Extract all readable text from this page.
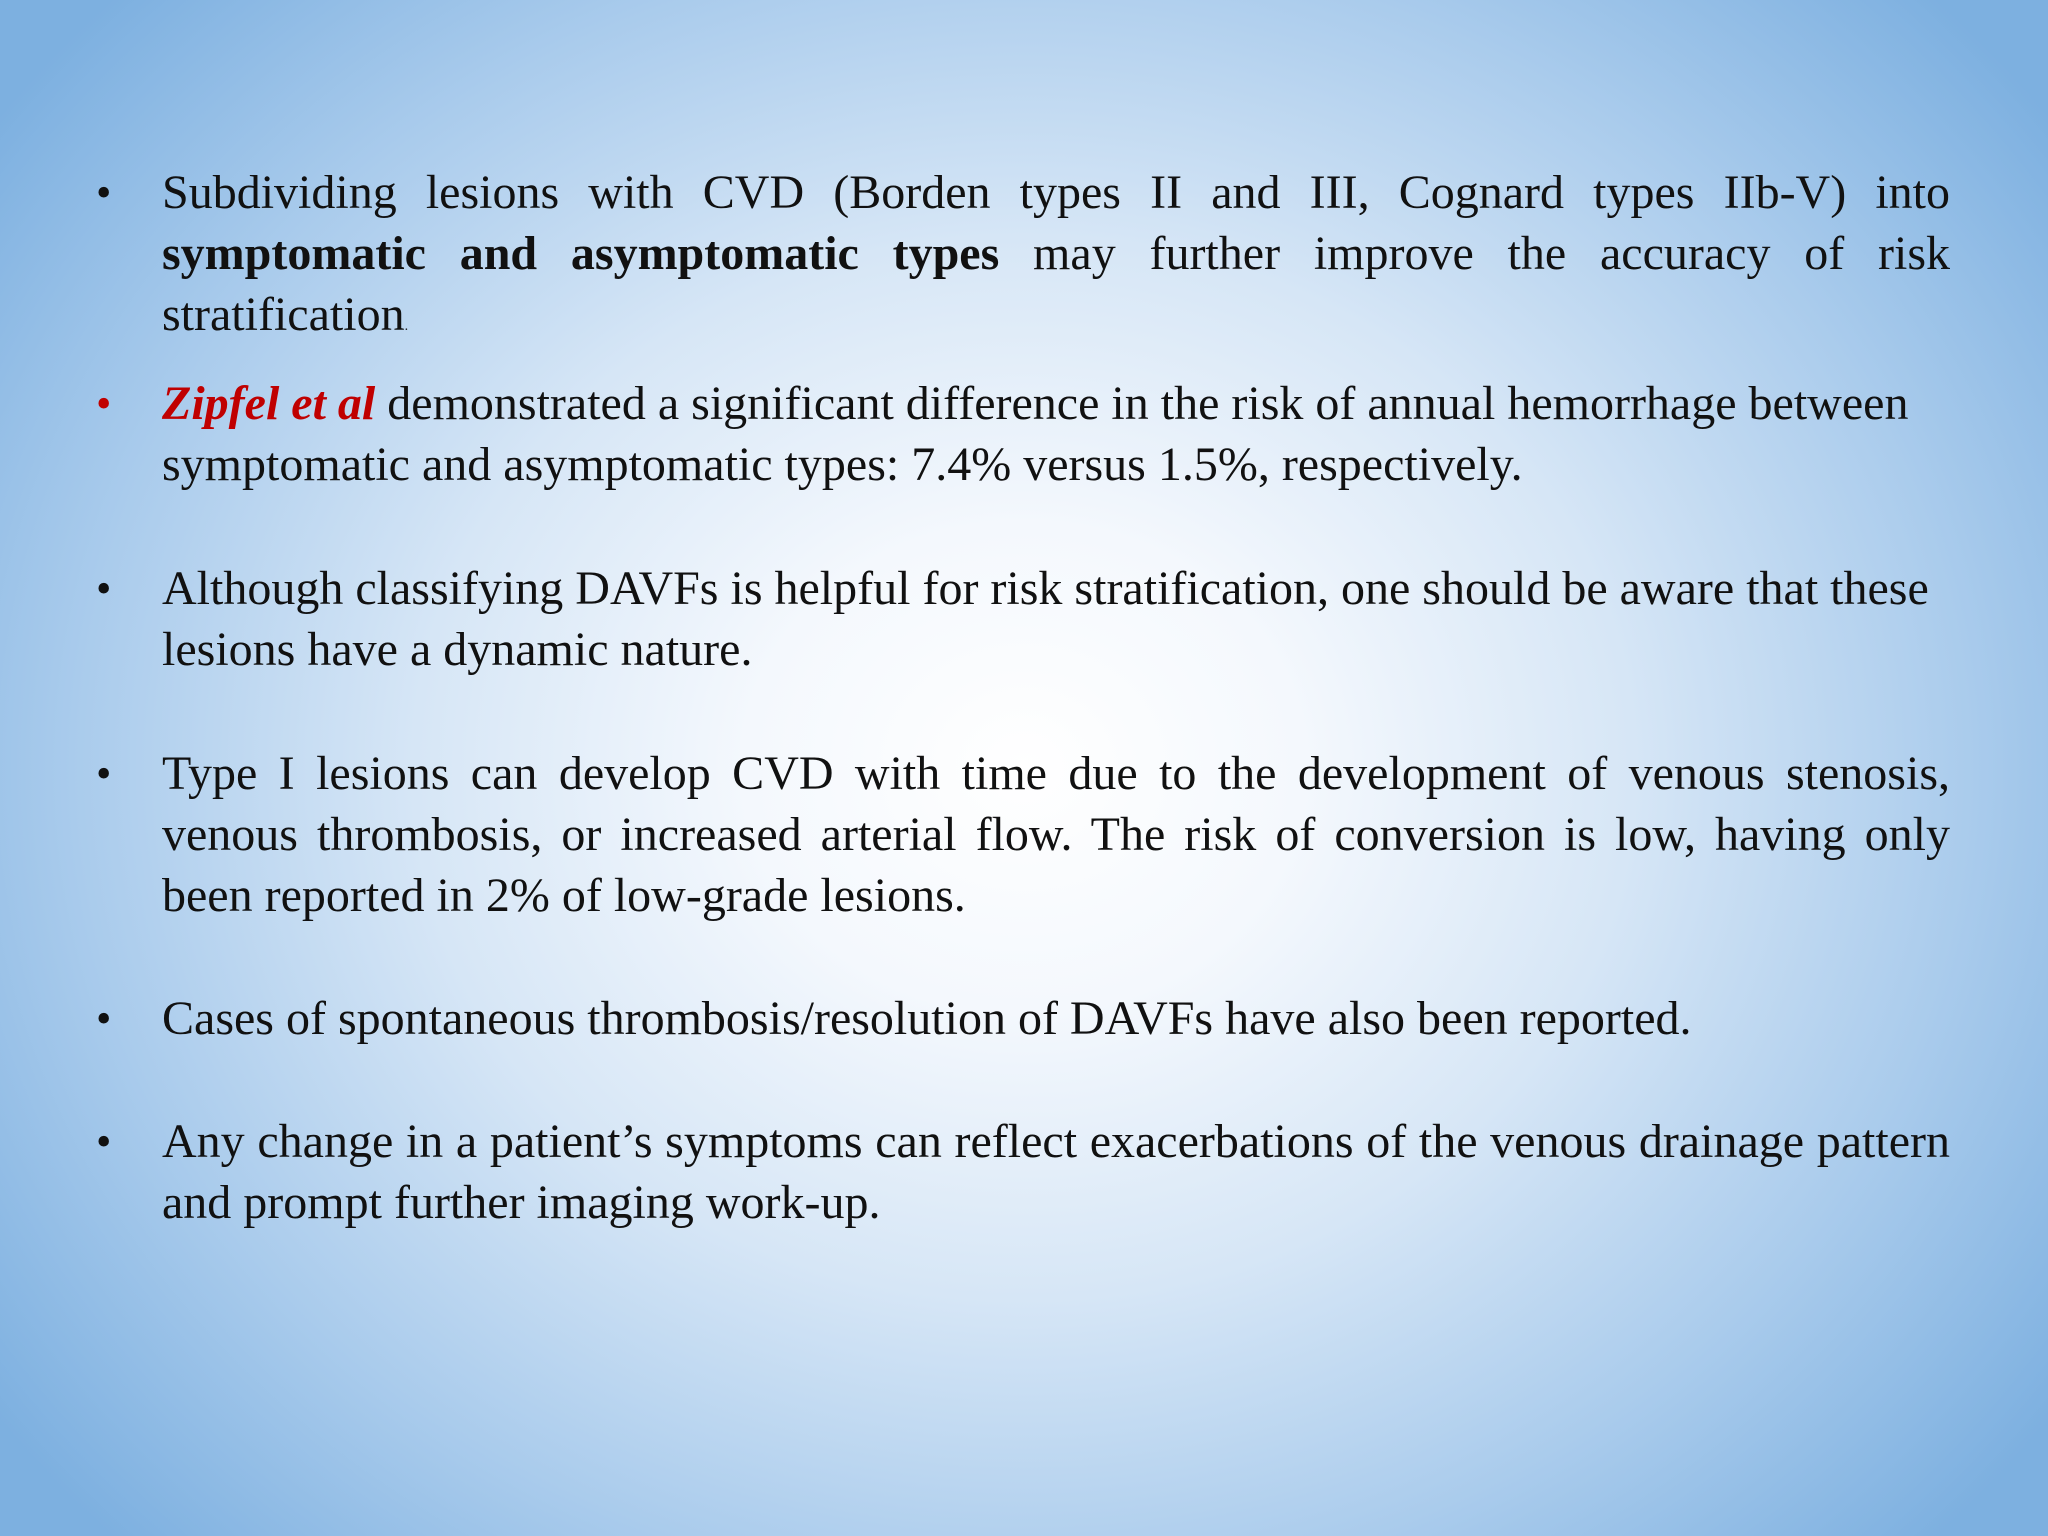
•	Subdividing lesions with CVD (Borden types II and III, Cognard types IIb-V) into symptomatic and asymptomatic types may further improve the accuracy of risk stratification.
•	Zipfel et al demonstrated a significant difference in the risk of annual hemorrhage between symptomatic and asymptomatic types: 7.4% versus 1.5%, respectively.
•	Although classifying DAVFs is helpful for risk stratification, one should be aware that these lesions have a dynamic nature.
•	Type I lesions can develop CVD with time due to the development of venous stenosis, venous thrombosis, or increased arterial flow. The risk of conversion is low, having only been reported in 2% of low-grade lesions.
•	Cases of spontaneous thrombosis/resolution of DAVFs have also been reported.
•	Any change in a patient’s symptoms can reflect exacerbations of the venous drainage pattern and prompt further imaging work-up.
